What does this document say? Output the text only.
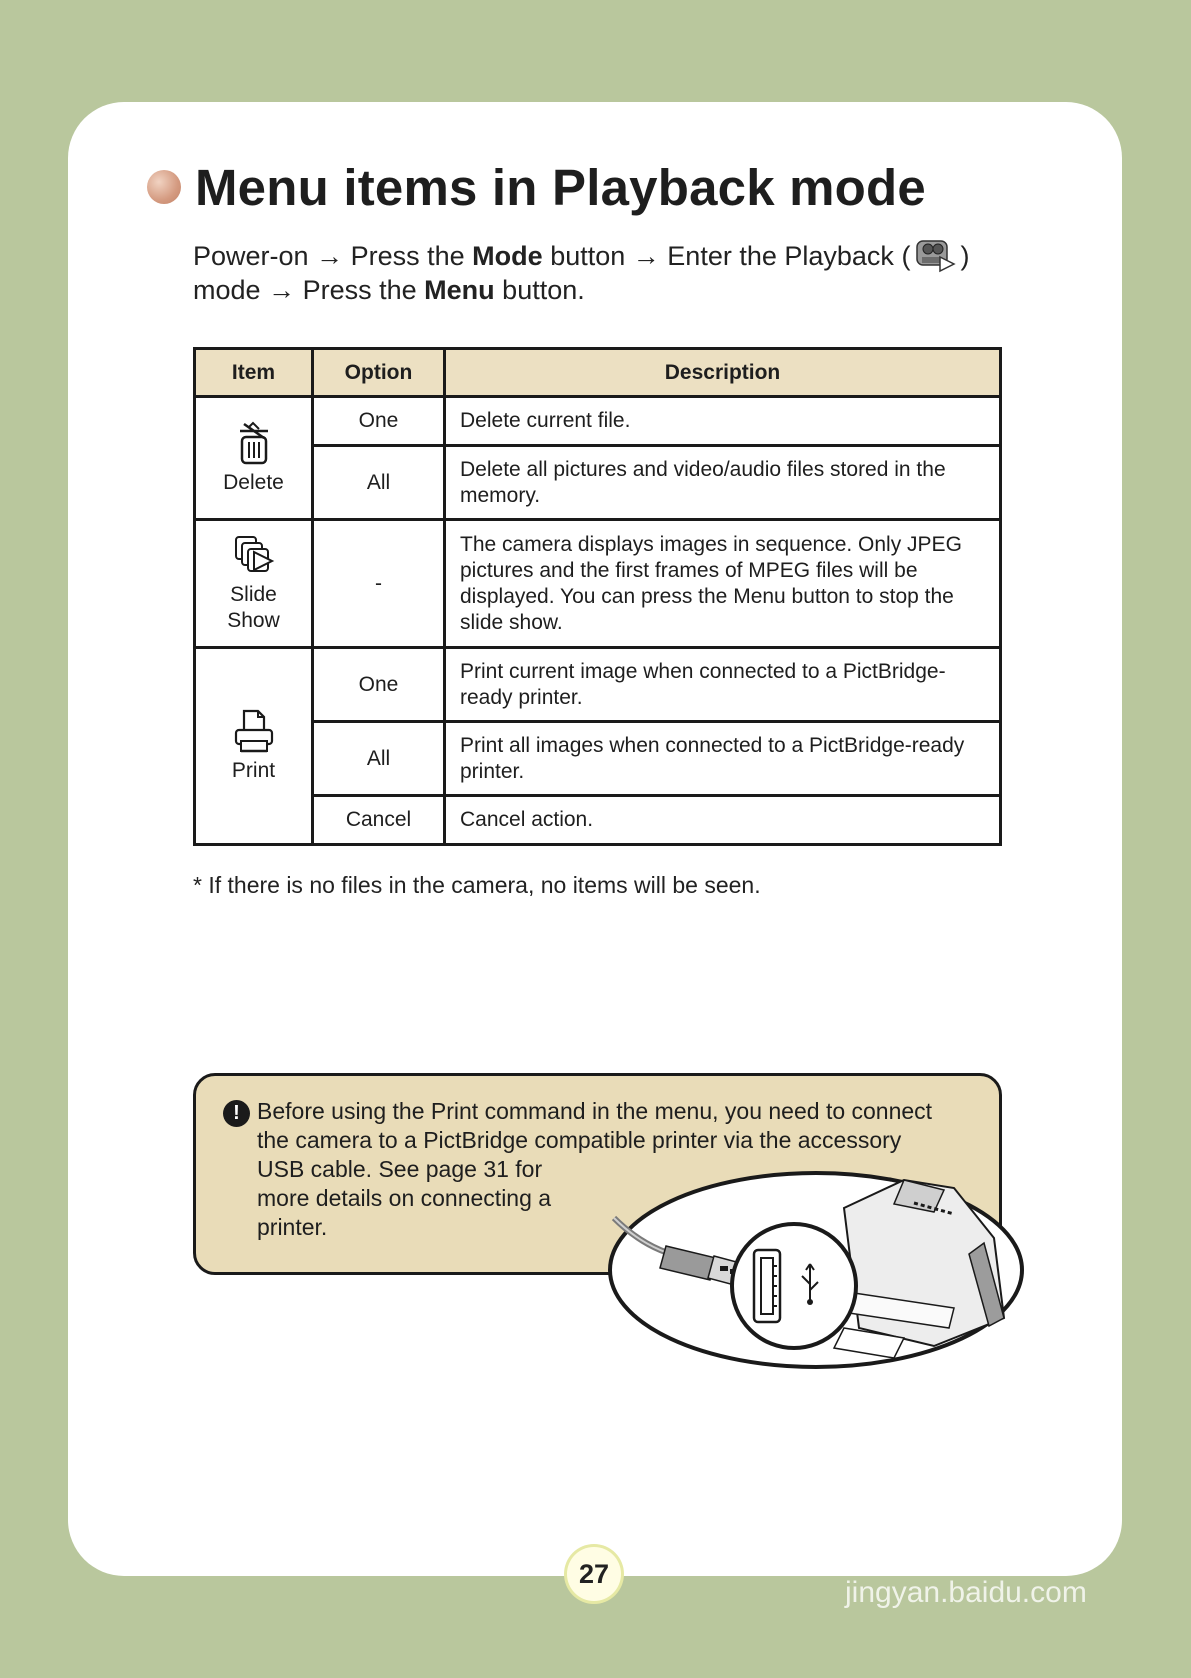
Menu items in Playback mode
Power-on → Press the Mode button → Enter the Playback ( )
mode → Press the Menu button.
Item	Option	Description

Delete	One	Delete current file.
	All	Delete all pictures and video/audio files stored in the memory.

Slide
Show	-	The camera displays images in sequence. Only JPEG pictures and the first frames of MPEG files will be displayed. You can press the Menu button to stop the slide show.

Print	One	Print current image when connected to a PictBridge-ready printer.
	All	Print all images when connected to a PictBridge-ready printer.
	Cancel	Cancel action.
* If there is no files in the camera, no items will be seen.
! Before using the Print command in the menu, you need to connect
the camera to a PictBridge compatible printer via the accessory
USB cable. See page 31 for
more details on connecting a
printer.
27
Baidu经验
jingyan.baidu.com
